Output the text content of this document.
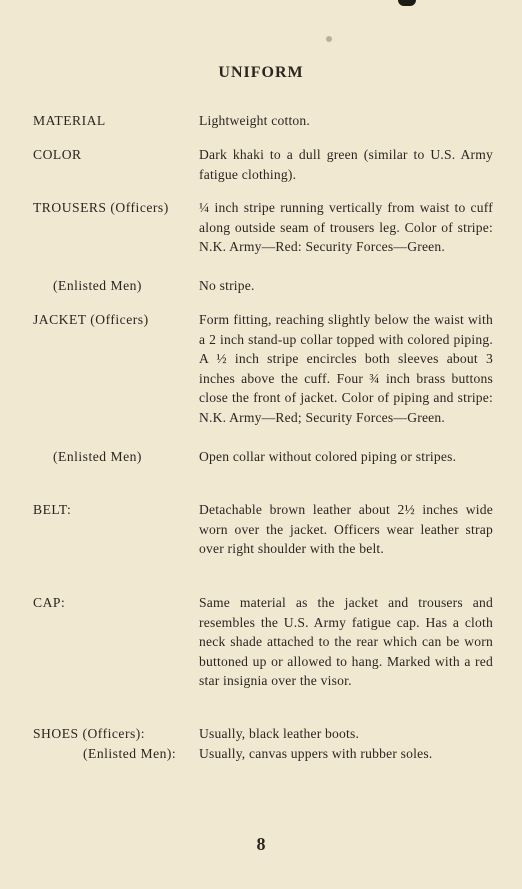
UNIFORM
MATERIAL	Lightweight cotton.
COLOR	Dark khaki to a dull green (similar to U.S. Army fatigue clothing).
TROUSERS (Officers)	¼ inch stripe running vertically from waist to cuff along outside seam of trousers leg. Color of stripe: N.K. Army—Red: Security Forces—Green.
(Enlisted Men)	No stripe.
JACKET (Officers)	Form fitting, reaching slightly below the waist with a 2 inch stand-up collar topped with colored piping. A ½ inch stripe encircles both sleeves about 3 inches above the cuff. Four ¾ inch brass buttons close the front of jacket. Color of piping and stripe: N.K. Army—Red; Security Forces—Green.
(Enlisted Men)	Open collar without colored piping or stripes.
BELT:	Detachable brown leather about 2½ inches wide worn over the jacket. Officers wear leather strap over right shoulder with the belt.
CAP:	Same material as the jacket and trousers and resembles the U.S. Army fatigue cap. Has a cloth neck shade attached to the rear which can be worn buttoned up or allowed to hang. Marked with a red star insignia over the visor.
SHOES (Officers):	Usually, black leather boots.
(Enlisted Men):	Usually, canvas uppers with rubber soles.
8
